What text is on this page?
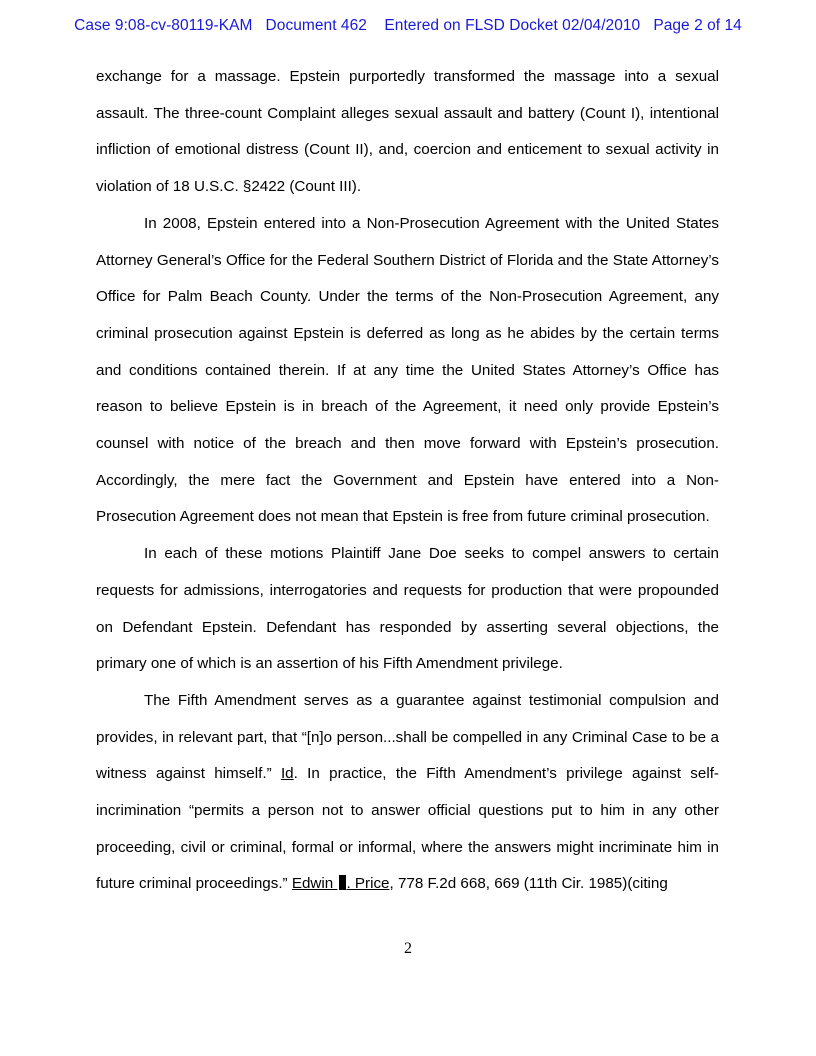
Case 9:08-cv-80119-KAM Document 462 Entered on FLSD Docket 02/04/2010 Page 2 of 14

exchange for a massage. Epstein purportedly transformed the massage into a sexual assault. The three-count Complaint alleges sexual assault and battery (Count I), intentional infliction of emotional distress (Count II), and, coercion and enticement to sexual activity in violation of 18 U.S.C. §2422 (Count III).

In 2008, Epstein entered into a Non-Prosecution Agreement with the United States Attorney General’s Office for the Federal Southern District of Florida and the State Attorney’s Office for Palm Beach County. Under the terms of the Non-Prosecution Agreement, any criminal prosecution against Epstein is deferred as long as he abides by the certain terms and conditions contained therein. If at any time the United States Attorney’s Office has reason to believe Epstein is in breach of the Agreement, it need only provide Epstein’s counsel with notice of the breach and then move forward with Epstein’s prosecution. Accordingly, the mere fact the Government and Epstein have entered into a Non-Prosecution Agreement does not mean that Epstein is free from future criminal prosecution.

In each of these motions Plaintiff Jane Doe seeks to compel answers to certain requests for admissions, interrogatories and requests for production that were propounded on Defendant Epstein. Defendant has responded by asserting several objections, the primary one of which is an assertion of his Fifth Amendment privilege.

The Fifth Amendment serves as a guarantee against testimonial compulsion and provides, in relevant part, that “[n]o person...shall be compelled in any Criminal Case to be a witness against himself.” Id. In practice, the Fifth Amendment’s privilege against self-incrimination “permits a person not to answer official questions put to him in any other proceeding, civil or criminal, formal or informal, where the answers might incriminate him in future criminal proceedings.” Edwin . Price, 778 F.2d 668, 669 (11th Cir. 1985)(citing

2
